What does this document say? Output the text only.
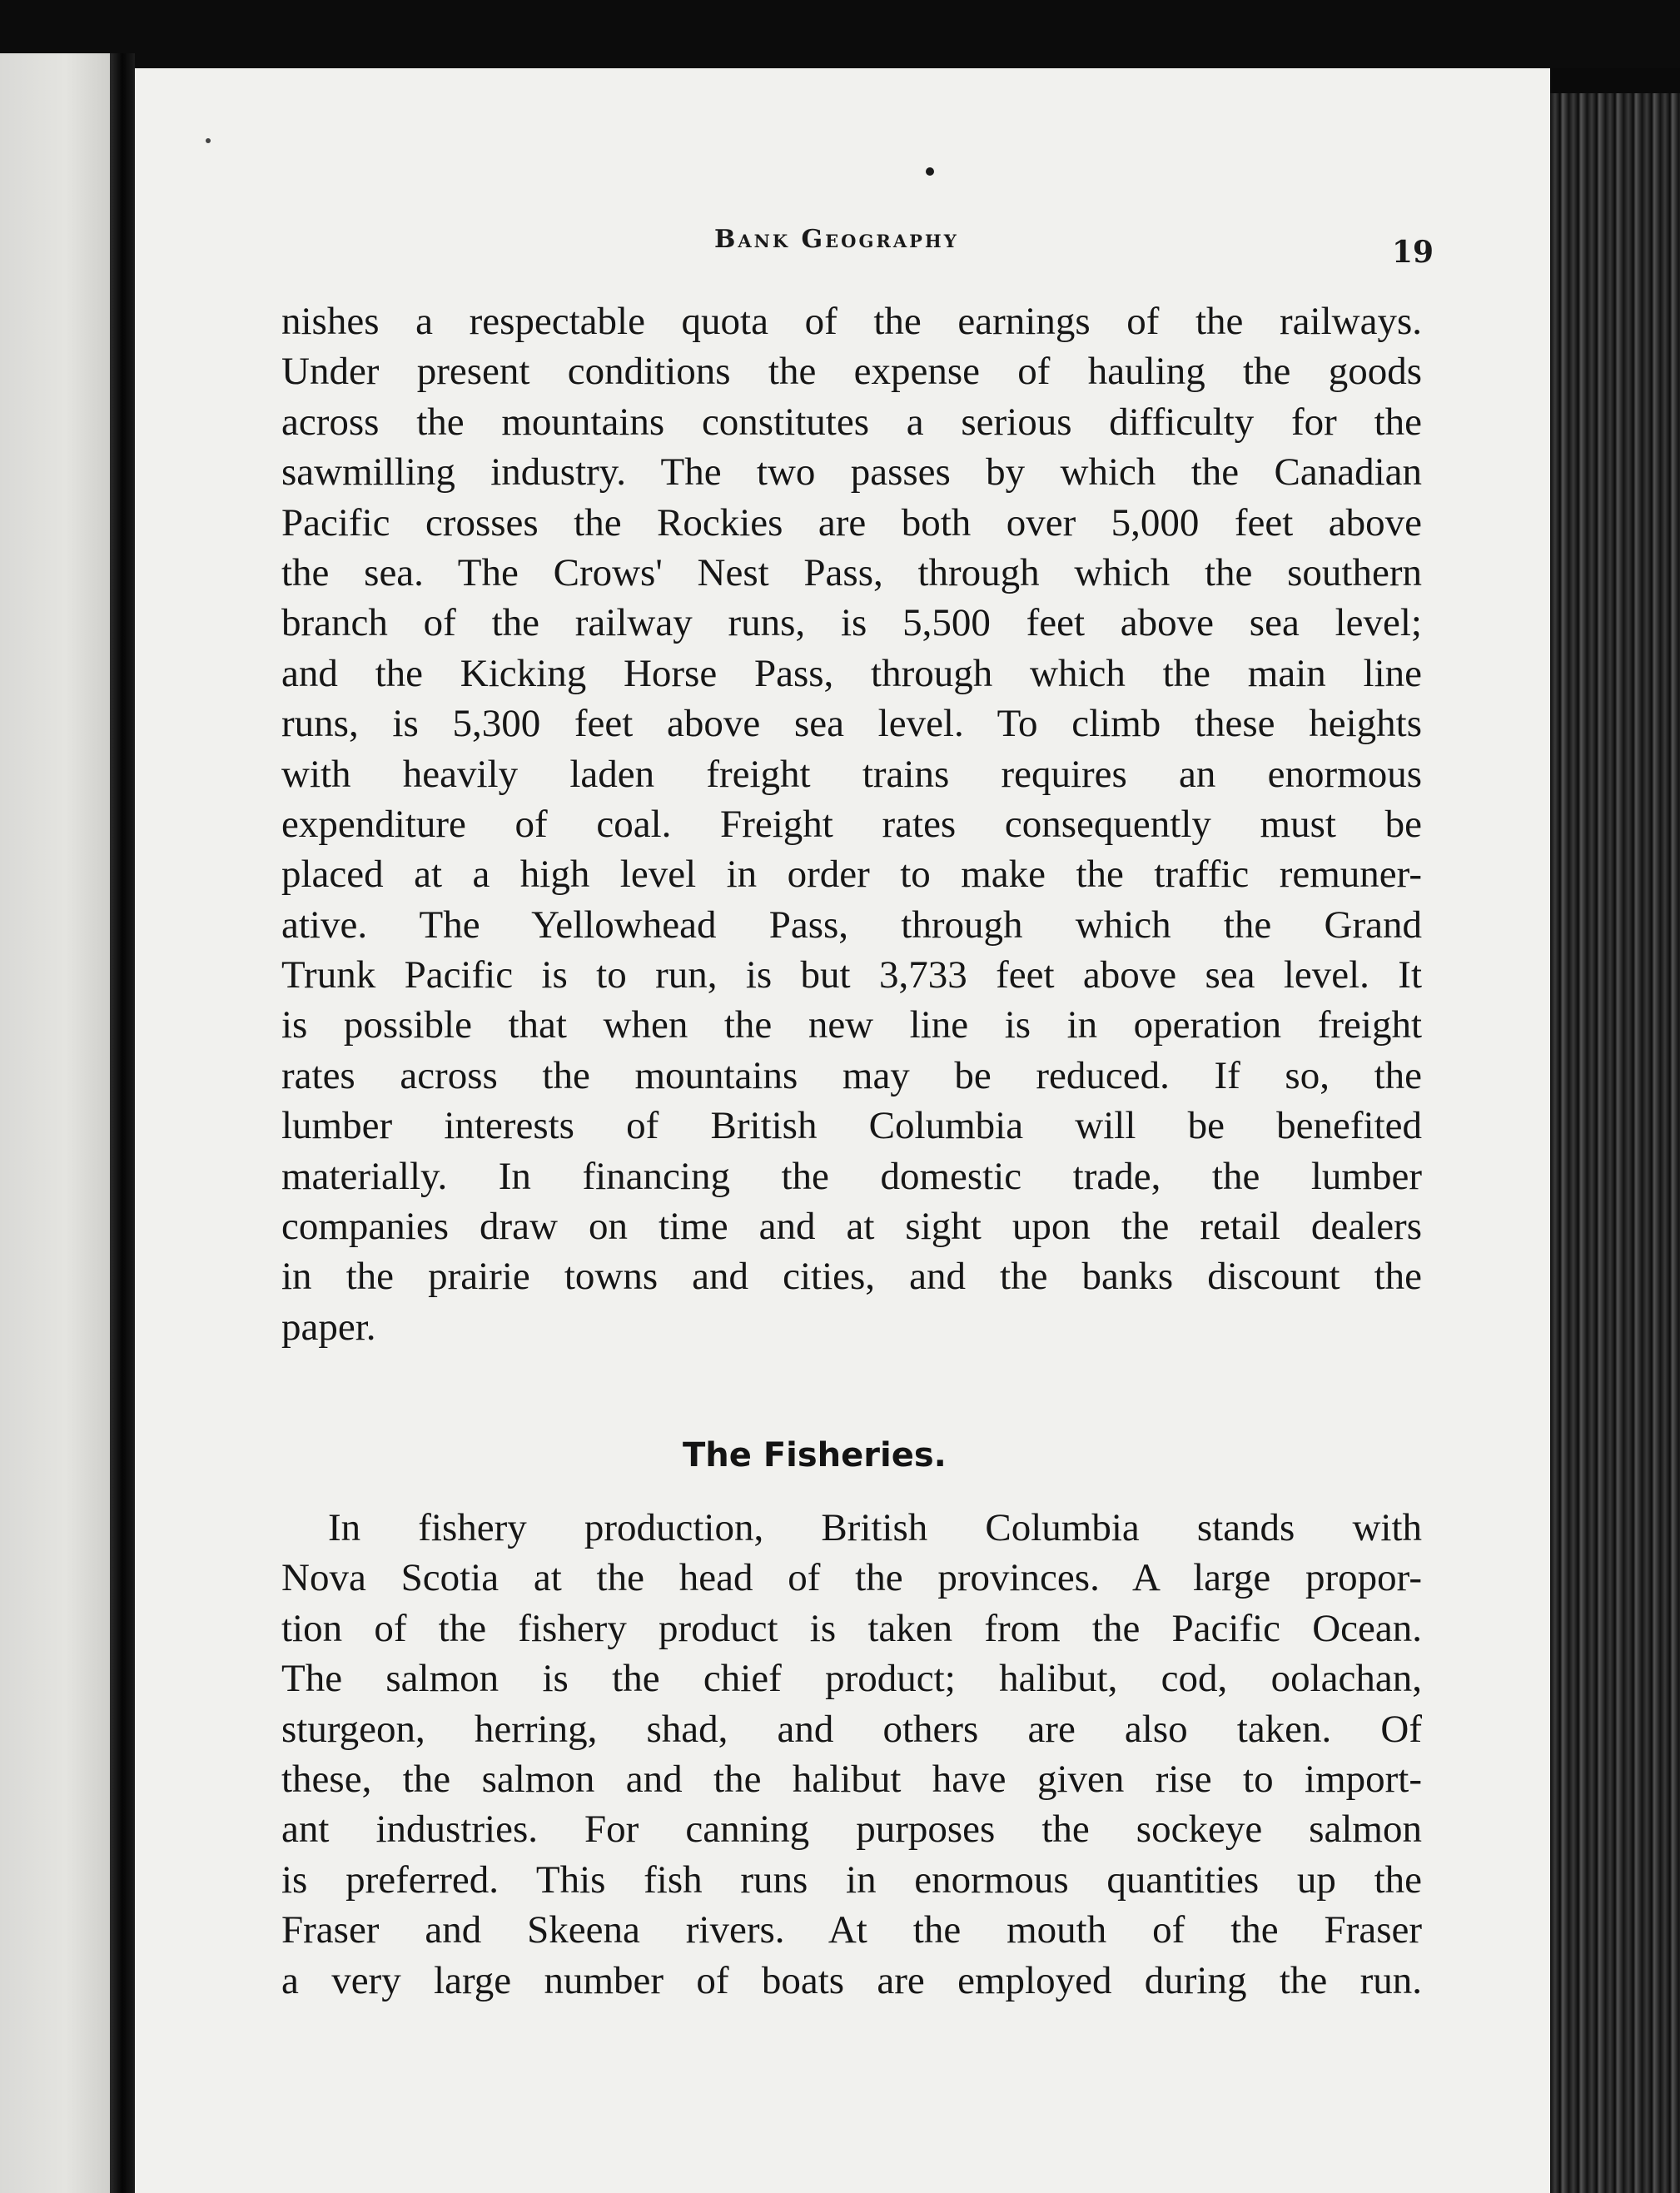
Bank Geography	19
nishes a respectable quota of the earnings of the railways.
Under present conditions the expense of hauling the goods
across the mountains constitutes a serious difficulty for the
sawmilling industry. The two passes by which the Canadian
Pacific crosses the Rockies are both over 5,000 feet above
the sea. The Crows' Nest Pass, through which the southern
branch of the railway runs, is 5,500 feet above sea level;
and the Kicking Horse Pass, through which the main line
runs, is 5,300 feet above sea level. To climb these heights
with heavily laden freight trains requires an enormous
expenditure of coal. Freight rates consequently must be
placed at a high level in order to make the traffic remuner-
ative. The Yellowhead Pass, through which the Grand
Trunk Pacific is to run, is but 3,733 feet above sea level. It
is possible that when the new line is in operation freight
rates across the mountains may be reduced. If so, the
lumber interests of British Columbia will be benefited
materially. In financing the domestic trade, the lumber
companies draw on time and at sight upon the retail dealers
in the prairie towns and cities, and the banks discount the
paper.
The Fisheries.
In fishery production, British Columbia stands with
Nova Scotia at the head of the provinces. A large propor-
tion of the fishery product is taken from the Pacific Ocean.
The salmon is the chief product; halibut, cod, oolachan,
sturgeon, herring, shad, and others are also taken. Of
these, the salmon and the halibut have given rise to import-
ant industries. For canning purposes the sockeye salmon
is preferred. This fish runs in enormous quantities up the
Fraser and Skeena rivers. At the mouth of the Fraser
a very large number of boats are employed during the run.
